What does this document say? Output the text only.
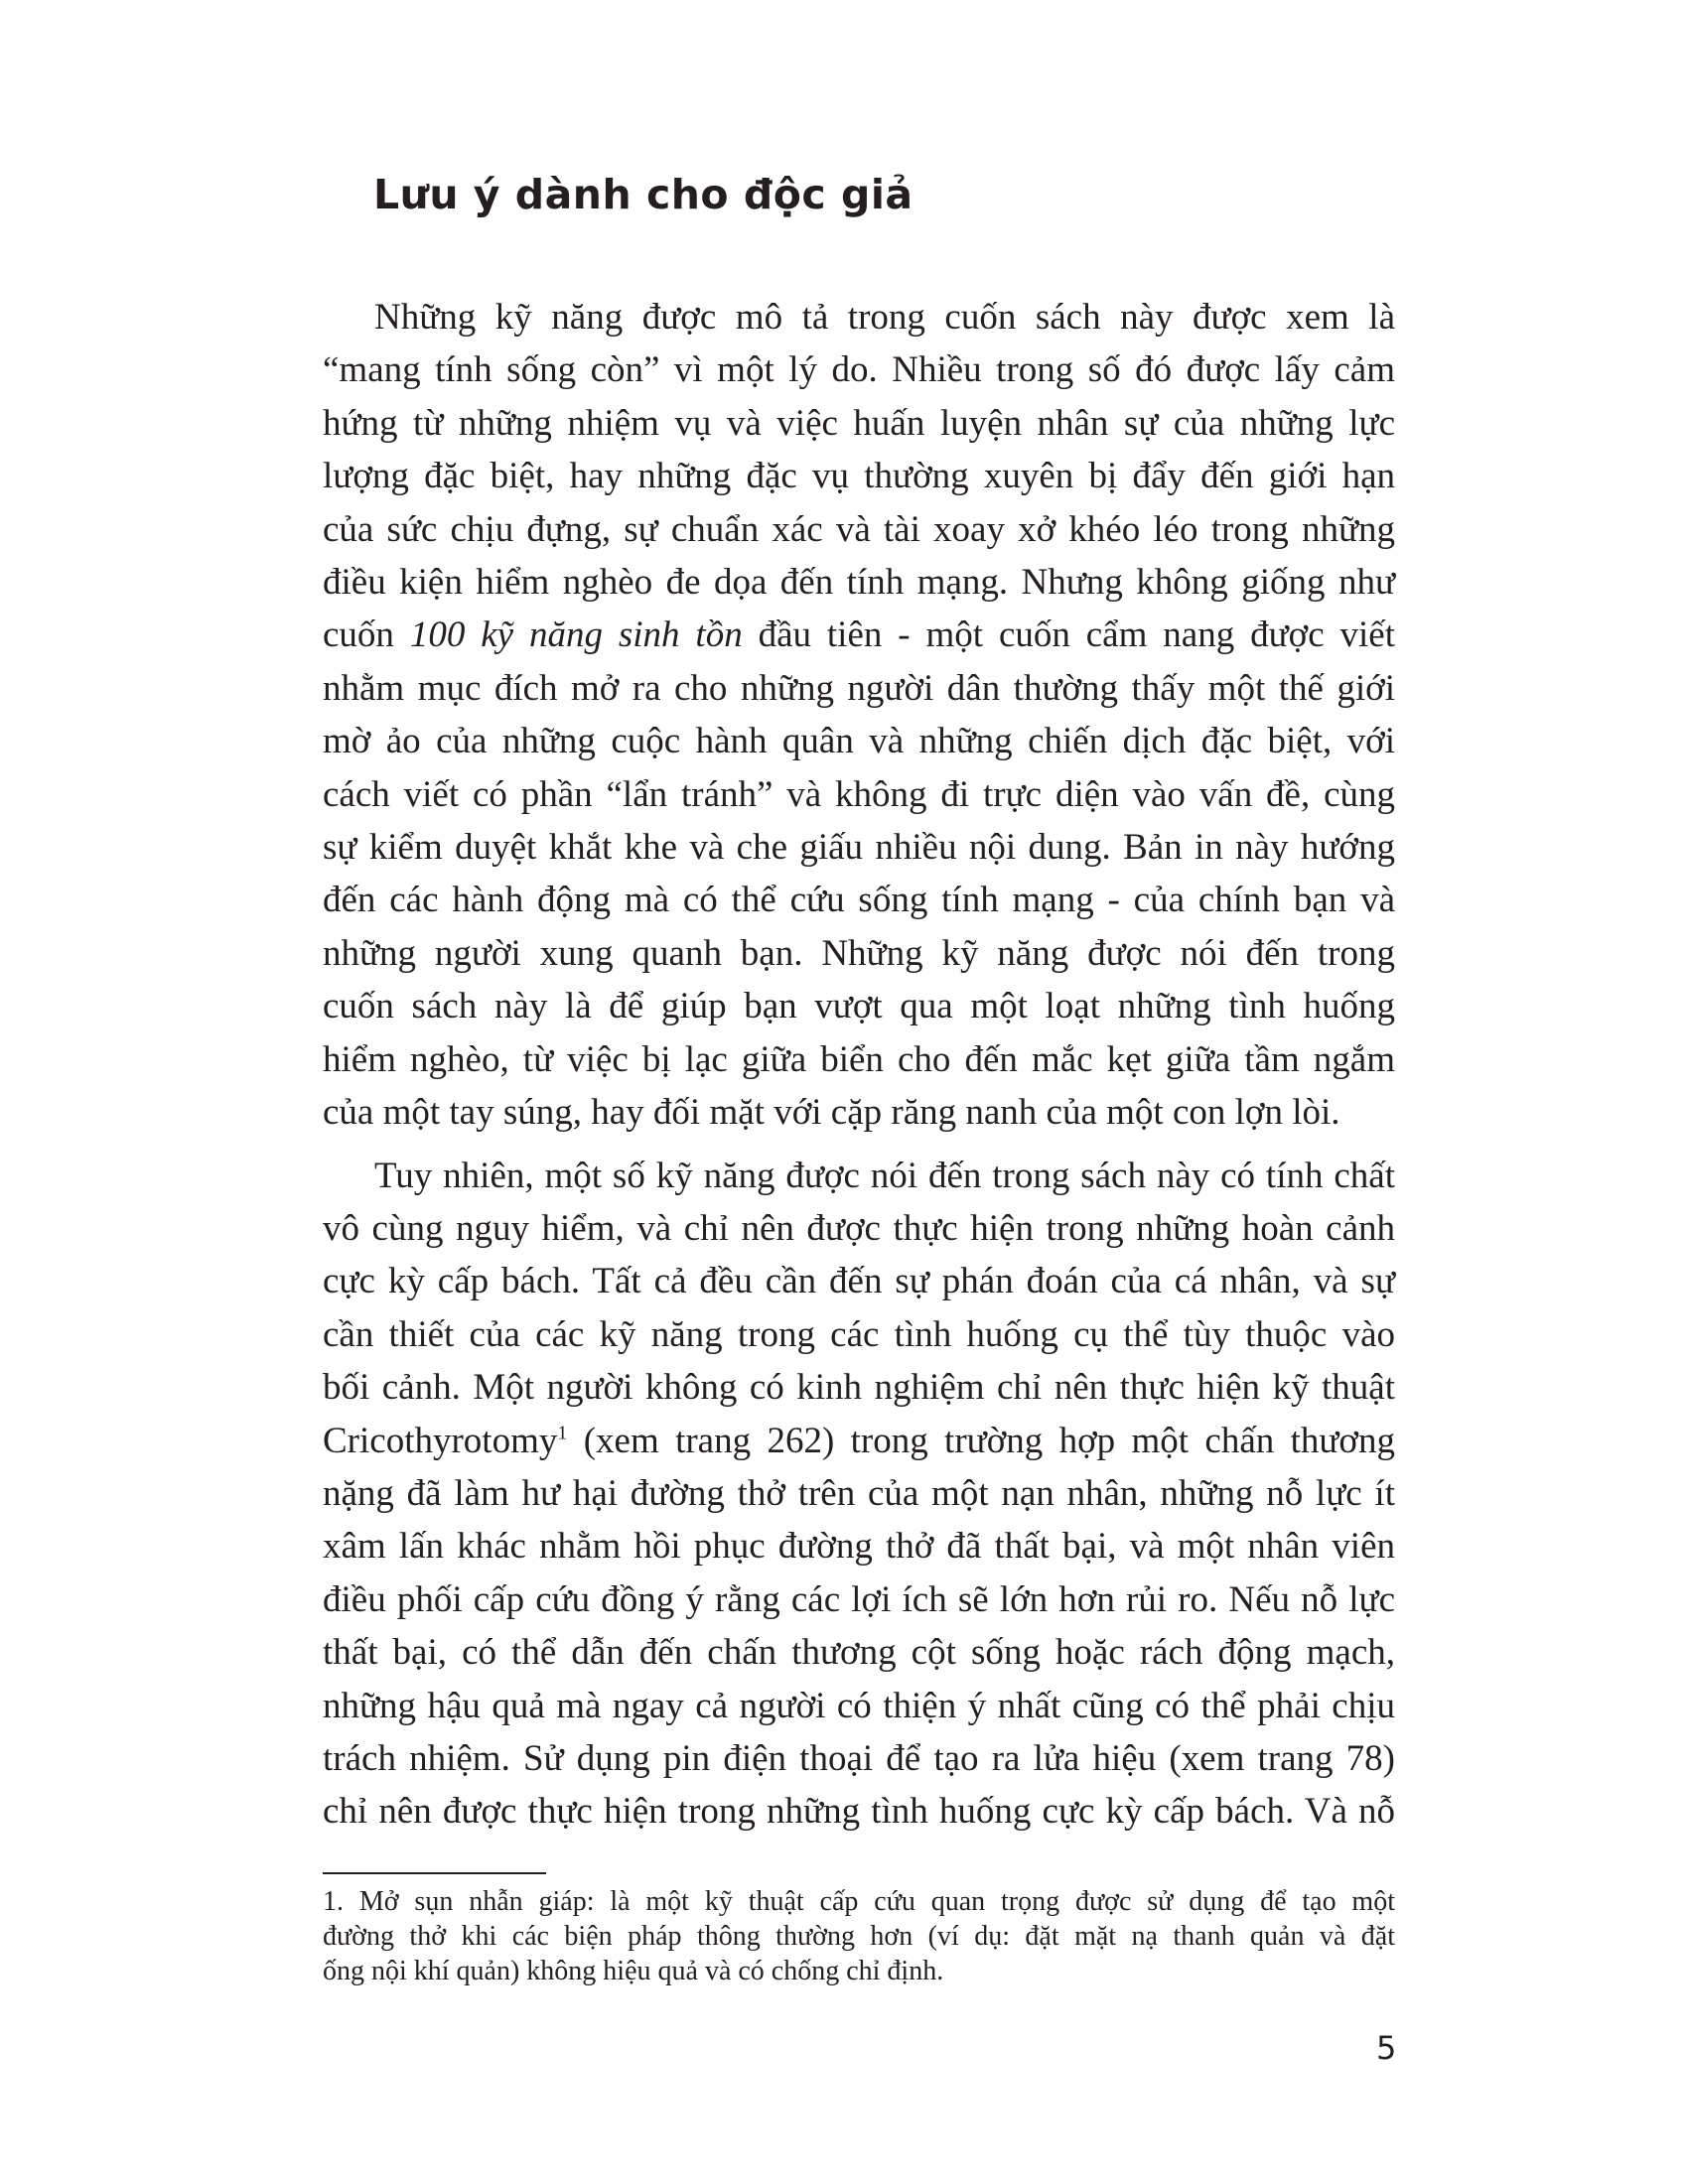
Lưu ý dành cho độc giả

Những kỹ năng được mô tả trong cuốn sách này được xem là
“mang tính sống còn” vì một lý do. Nhiều trong số đó được lấy cảm
hứng từ những nhiệm vụ và việc huấn luyện nhân sự của những lực
lượng đặc biệt, hay những đặc vụ thường xuyên bị đẩy đến giới hạn
của sức chịu đựng, sự chuẩn xác và tài xoay xở khéo léo trong những
điều kiện hiểm nghèo đe dọa đến tính mạng. Nhưng không giống như
cuốn 100 kỹ năng sinh tồn đầu tiên - một cuốn cẩm nang được viết
nhằm mục đích mở ra cho những người dân thường thấy một thế giới
mờ ảo của những cuộc hành quân và những chiến dịch đặc biệt, với
cách viết có phần “lẩn tránh” và không đi trực diện vào vấn đề, cùng
sự kiểm duyệt khắt khe và che giấu nhiều nội dung. Bản in này hướng
đến các hành động mà có thể cứu sống tính mạng - của chính bạn và
những người xung quanh bạn. Những kỹ năng được nói đến trong
cuốn sách này là để giúp bạn vượt qua một loạt những tình huống
hiểm nghèo, từ việc bị lạc giữa biển cho đến mắc kẹt giữa tầm ngắm
của một tay súng, hay đối mặt với cặp răng nanh của một con lợn lòi.

Tuy nhiên, một số kỹ năng được nói đến trong sách này có tính chất
vô cùng nguy hiểm, và chỉ nên được thực hiện trong những hoàn cảnh
cực kỳ cấp bách. Tất cả đều cần đến sự phán đoán của cá nhân, và sự
cần thiết của các kỹ năng trong các tình huống cụ thể tùy thuộc vào
bối cảnh. Một người không có kinh nghiệm chỉ nên thực hiện kỹ thuật
Cricothyrotomy$^1$ (xem trang 262) trong trường hợp một chấn thương
nặng đã làm hư hại đường thở trên của một nạn nhân, những nỗ lực ít
xâm lấn khác nhằm hồi phục đường thở đã thất bại, và một nhân viên
điều phối cấp cứu đồng ý rằng các lợi ích sẽ lớn hơn rủi ro. Nếu nỗ lực
thất bại, có thể dẫn đến chấn thương cột sống hoặc rách động mạch,
những hậu quả mà ngay cả người có thiện ý nhất cũng có thể phải chịu
trách nhiệm. Sử dụng pin điện thoại để tạo ra lửa hiệu (xem trang 78)
chỉ nên được thực hiện trong những tình huống cực kỳ cấp bách. Và nỗ

1. Mở sụn nhẫn giáp: là một kỹ thuật cấp cứu quan trọng được sử dụng để tạo một
đường thở khi các biện pháp thông thường hơn (ví dụ: đặt mặt nạ thanh quản và đặt
ống nội khí quản) không hiệu quả và có chống chỉ định.
5
